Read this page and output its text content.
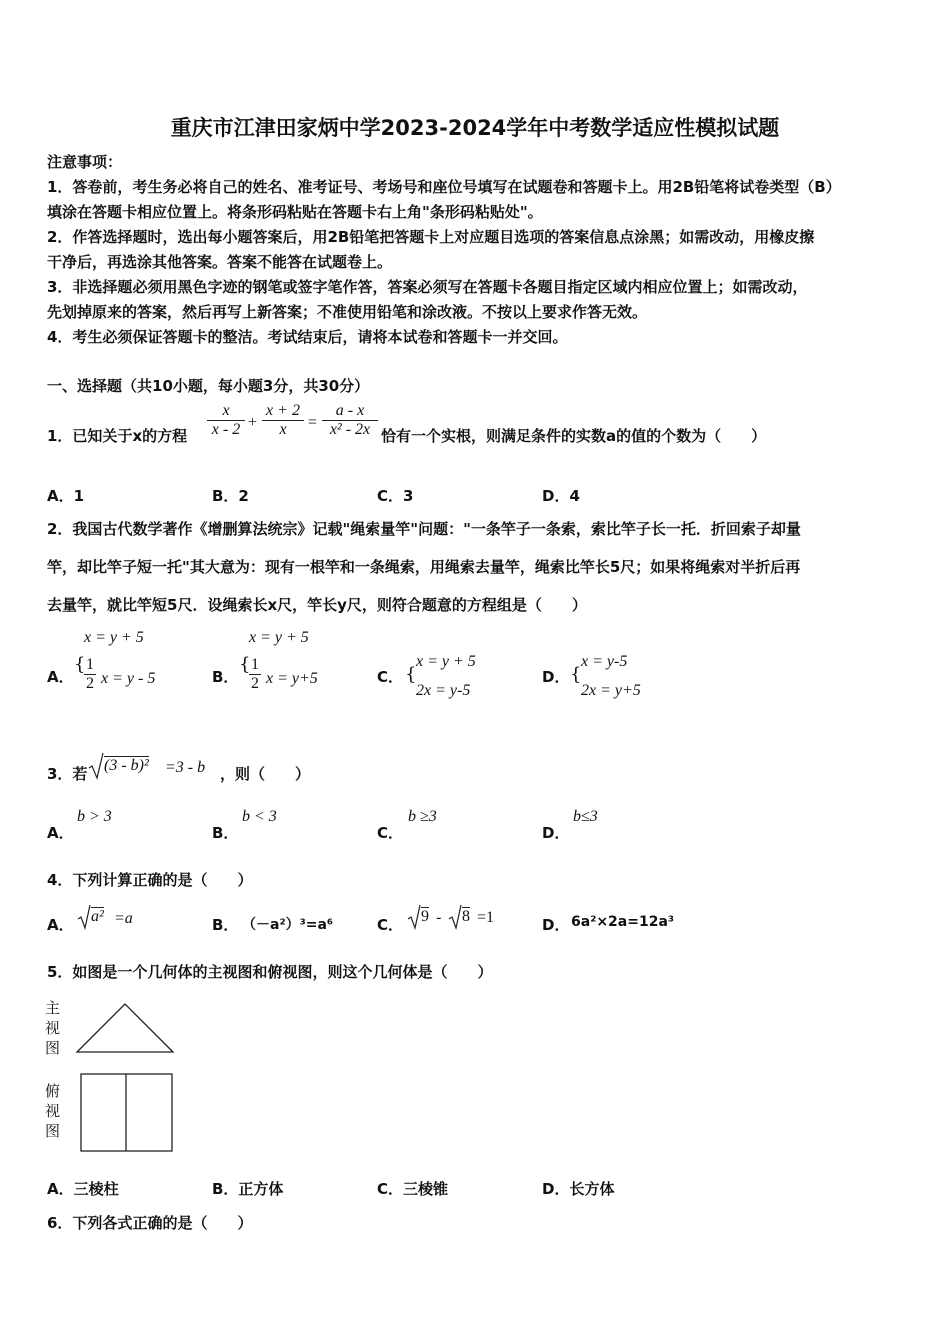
重庆市江津田家炳中学2023-2024学年中考数学适应性模拟试题
注意事项：
1．答卷前，考生务必将自己的姓名、准考证号、考场号和座位号填写在试题卷和答题卡上。用2B铅笔将试卷类型（B）
填涂在答题卡相应位置上。将条形码粘贴在答题卡右上角"条形码粘贴处"。
2．作答选择题时，选出每小题答案后，用2B铅笔把答题卡上对应题目选项的答案信息点涂黑；如需改动，用橡皮擦
干净后，再选涂其他答案。答案不能答在试题卷上。
3．非选择题必须用黑色字迹的钢笔或签字笔作答，答案必须写在答题卡各题目指定区域内相应位置上；如需改动，
先划掉原来的答案，然后再写上新答案；不准使用铅笔和涂改液。不按以上要求作答无效。
4．考生必须保证答题卡的整洁。考试结束后，请将本试卷和答题卡一并交回。
一、选择题（共10小题，每小题3分，共30分）
1．已知关于x的方程
x
x - 2 +
x + 2
x	=
a - x
x² - 2x 恰有一个实根，则满足条件的实数a的值的个数为（　　）
A．1	B．2	C．3	D．4
2．我国古代数学著作《增删算法统宗》记载"绳索量竿"问题："一条竿子一条索，索比竿子长一托．折回索子却量
竿，却比竿子短一托"其大意为：现有一根竿和一条绳索，用绳索去量竿，绳索比竿长5尺；如果将绳索对半折后再
去量竿，就比竿短5尺．设绳索长x尺，竿长y尺，则符合题意的方程组是（　　）
A．
x = y + 5
{ 1
2 x = y - 5	B．
x = y + 5
{ 1
2 x = y+5	C． {
x = y + 5
2x = y-5
D． {
x = y-5
2x = y+5
3．若 (3 - b)² =3 - b ，则（　　）
A．
b > 3
B．
b < 3
C．
b ≥3
D．
b≤3
4．下列计算正确的是（　　）
A． a² =a	B． （－a²）³=a⁶	C． 9 - 8 =1	D． 6a²×2a=12a³
5．如图是一个几何体的主视图和俯视图，则这个几何体是（　　）
主
视
图
俯
视
图
A．三棱柱	B．正方体	C．三棱锥	D．长方体
6．下列各式正确的是（　　）
